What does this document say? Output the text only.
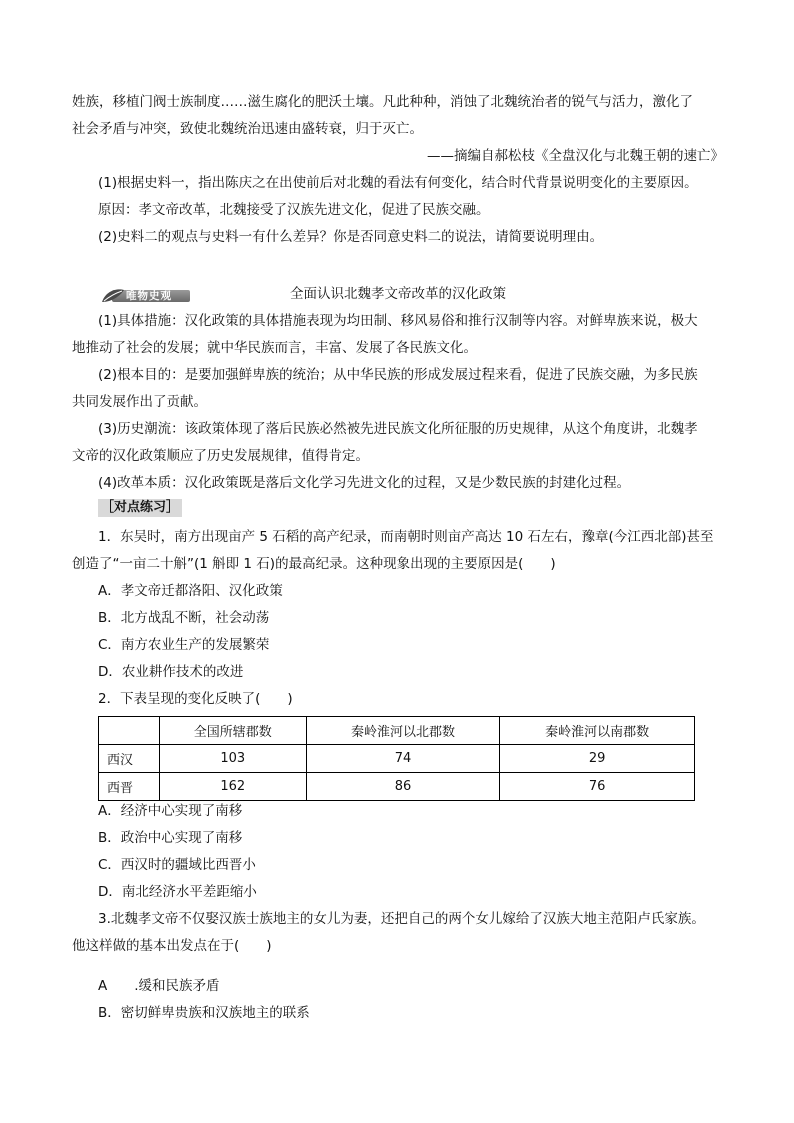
姓族，移植门阀士族制度……滋生腐化的肥沃土壤。凡此种种，消蚀了北魏统治者的锐气与活力，激化了

社会矛盾与冲突，致使北魏统治迅速由盛转衰，归于灭亡。

——摘编自郝松枝《全盘汉化与北魏王朝的速亡》

(1)根据史料一，指出陈庆之在出使前后对北魏的看法有何变化，结合时代背景说明变化的主要原因。

原因：孝文帝改革，北魏接受了汉族先进文化，促进了民族交融。

(2)史料二的观点与史料一有什么差异？你是否同意史料二的说法，请简要说明理由。

唯物史观	全面认识北魏孝文帝改革的汉化政策

(1)具体措施：汉化政策的具体措施表现为均田制、移风易俗和推行汉制等内容。对鲜卑族来说，极大

地推动了社会的发展；就中华民族而言，丰富、发展了各民族文化。

(2)根本目的：是要加强鲜卑族的统治；从中华民族的形成发展过程来看，促进了民族交融，为多民族

共同发展作出了贡献。

(3)历史潮流：该政策体现了落后民族必然被先进民族文化所征服的历史规律，从这个角度讲，北魏孝

文帝的汉化政策顺应了历史发展规律，值得肯定。

(4)改革本质：汉化政策既是落后文化学习先进文化的过程，又是少数民族的封建化过程。

［对点练习］

1．东吴时，南方出现亩产 5 石稻的高产纪录，而南朝时则亩产高达 10 石左右，豫章(今江西北部)甚至

创造了“一亩二十斛”(1 斛即 1 石)的最高纪录。这种现象出现的主要原因是(　　)

A．孝文帝迁都洛阳、汉化政策

B．北方战乱不断，社会动荡

C．南方农业生产的发展繁荣

D．农业耕作技术的改进

2．下表呈现的变化反映了(　　)

	全国所辖郡数	秦岭淮河以北郡数	秦岭淮河以南郡数
西汉	103	74	29
西晋	162	86	76

A．经济中心实现了南移

B．政治中心实现了南移

C．西汉时的疆域比西晋小

D．南北经济水平差距缩小

3.北魏孝文帝不仅娶汉族士族地主的女儿为妻，还把自己的两个女儿嫁给了汉族大地主范阳卢氏家族。

他这样做的基本出发点在于(　　)

A　　.缓和民族矛盾

B．密切鲜卑贵族和汉族地主的联系
